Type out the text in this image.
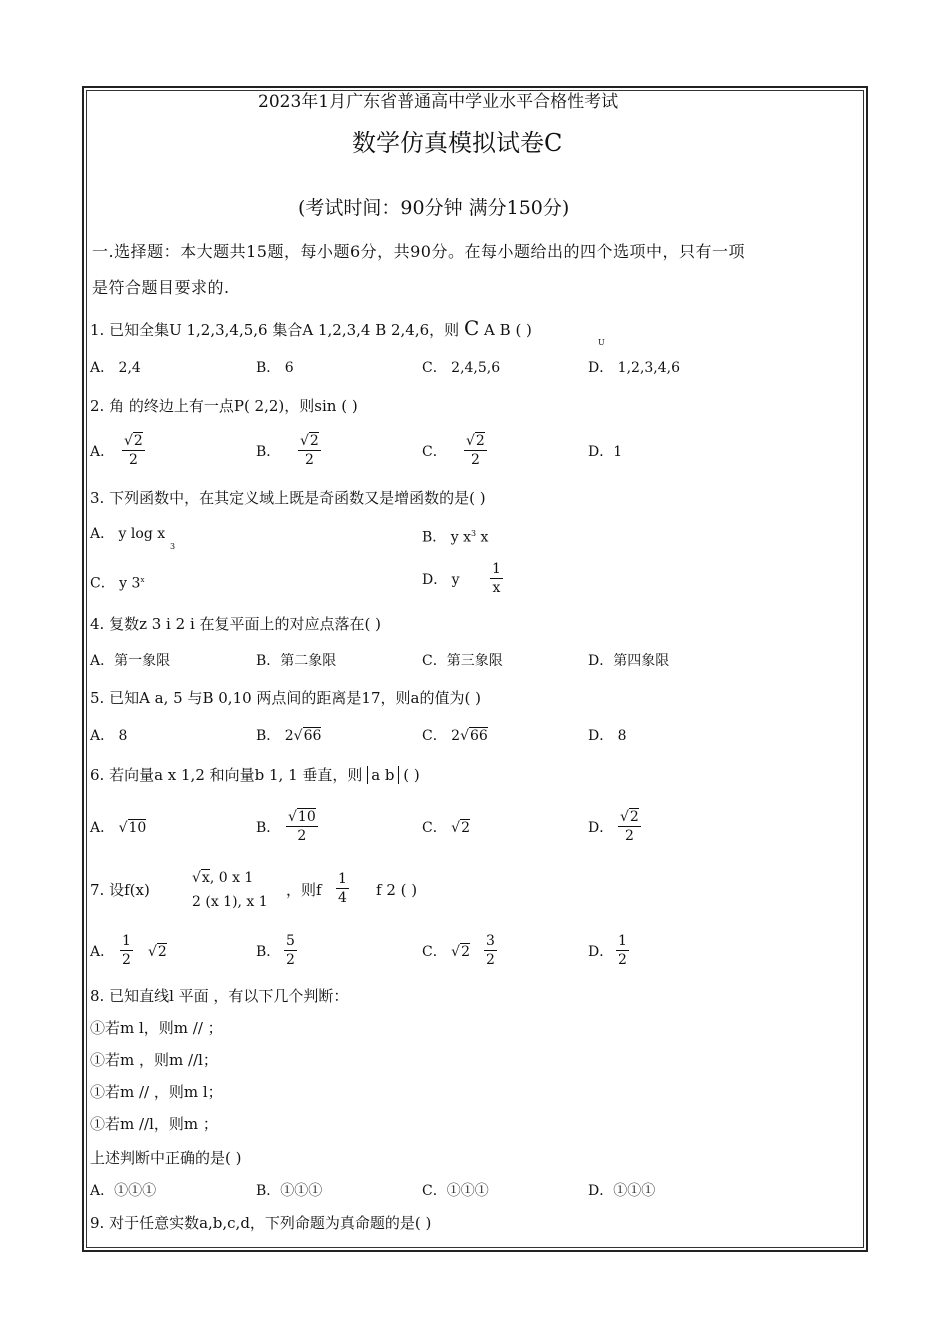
2023年1月广东省普通高中学业水平合格性考试
数学仿真模拟试卷C
(考试时间：90分钟 满分150分)
一.选择题：本大题共15题，每小题6分，共90分。在每小题给出的四个选项中，只有一项
是符合题目要求的.
1. 已知全集U 1,2,3,4,5,6 集合A 1,2,3,4 B 2,4,6，则 C A B ( )
U
A． 2,4	B． 6	C． 2,4,5,6	D． 1,2,3,4,6
2. 角 的终边上有一点P( 2,2)，则sin ( )
A． $\frac{√2}{2}$	B． $\frac{√2}{2}$	C． $\frac{√2}{2}$	D．1
3. 下列函数中，在其定义域上既是奇函数又是增函数的是( )
A． y log x
3
B． y $x^3$ x
C． y 3$^x$	D． y $\frac{1}{x}$
4. 复数z 3 i 2 i 在复平面上的对应点落在( )
A．第一象限	B．第二象限	C．第三象限	D．第四象限
5. 已知A a, 5 与B 0,10 两点间的距离是17，则a的值为( )
A． 8	B． 2√66	C． 2√66	D． 8
6. 若向量a x 1,2 和向量b 1, 1 垂直，则 a b ( )
A． √10	B． $\frac{√10}{2}$	C． √2	D． $\frac{√2}{2}$
7. 设f(x)
√x, 0 x 1
2 (x 1), x 1
，则f $\frac{1}{4}$ f 2 ( )
A． $\frac{1}{2} √2$	B． $\frac{5}{2}$	C． $√2 \frac{3}{2}$	D． $\frac{1}{2}$
8. 已知直线l 平面 ，有以下几个判断：
①若m l，则m // ；
①若m ，则m //l；
①若m // ，则m l；
①若m //l，则m ；
上述判断中正确的是( )
A．①①①	B．①①①	C．①①①	D．①①①
9. 对于任意实数a,b,c,d，下列命题为真命题的是( )
